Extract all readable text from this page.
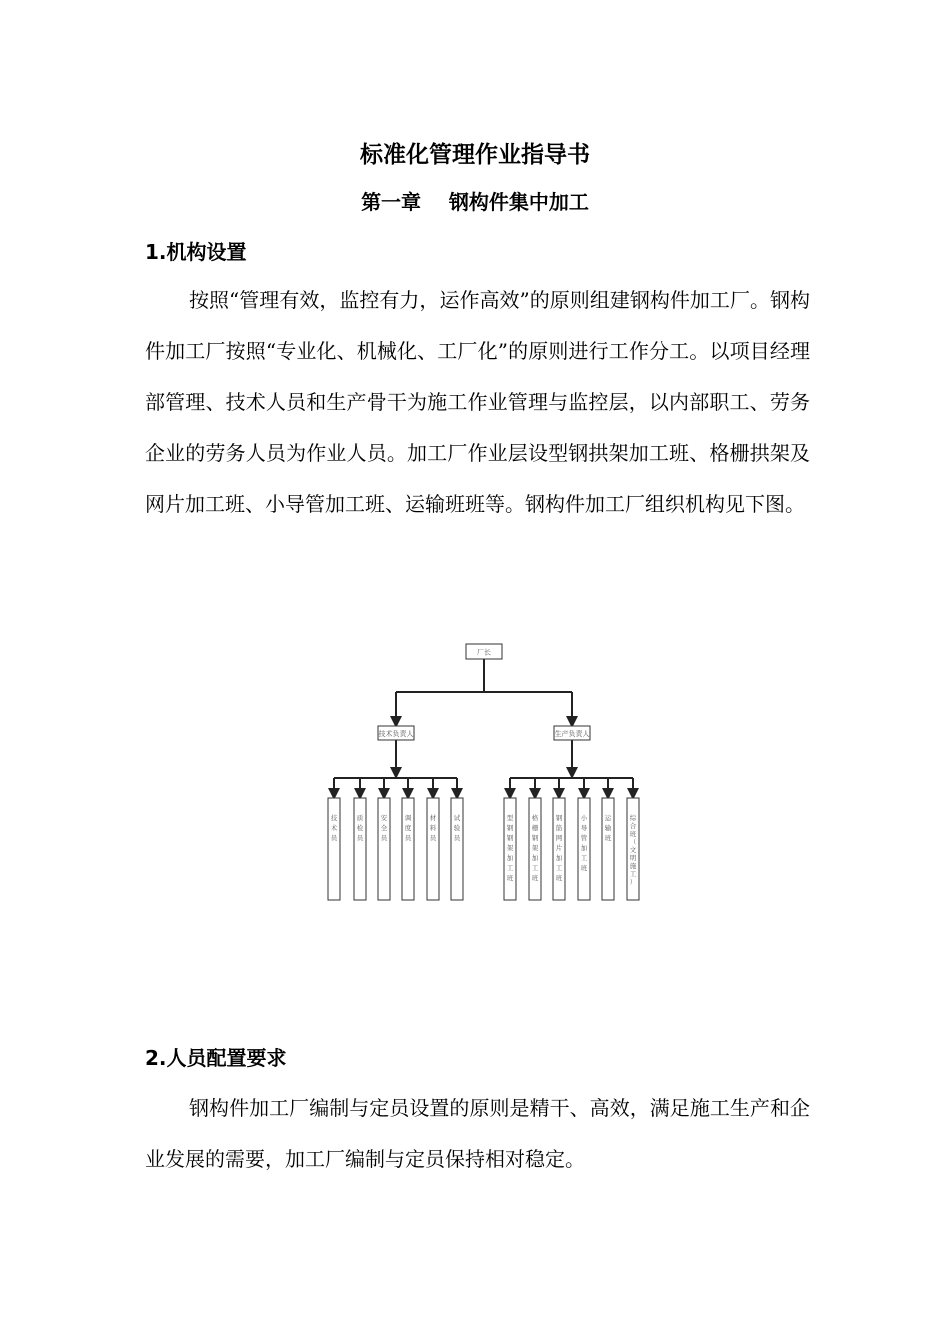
标准化管理作业指导书
第一章    钢构件集中加工
1.机构设置

按照“管理有效，监控有力，运作高效”的原则组建钢构件加工厂。钢构件加工厂按照“专业化、机械化、工厂化”的原则进行工作分工。以项目经理部管理、技术人员和生产骨干为施工作业管理与监控层，以内部职工、劳务企业的劳务人员为作业人员。加工厂作业层设型钢拱架加工班、格栅拱架及网片加工班、小导管加工班、运输班班等。钢构件加工厂组织机构见下图。

厂长
技术负责人	生产负责人
技术员
质检员
安全员
调度员
材料员
试验员
型钢钢架加工班
格栅钢架加工班
钢筋网片加工班
小导管加工班
运输班
综合班（文明施工）
2.人员配置要求

钢构件加工厂编制与定员设置的原则是精干、高效，满足施工生产和企业发展的需要，加工厂编制与定员保持相对稳定。
